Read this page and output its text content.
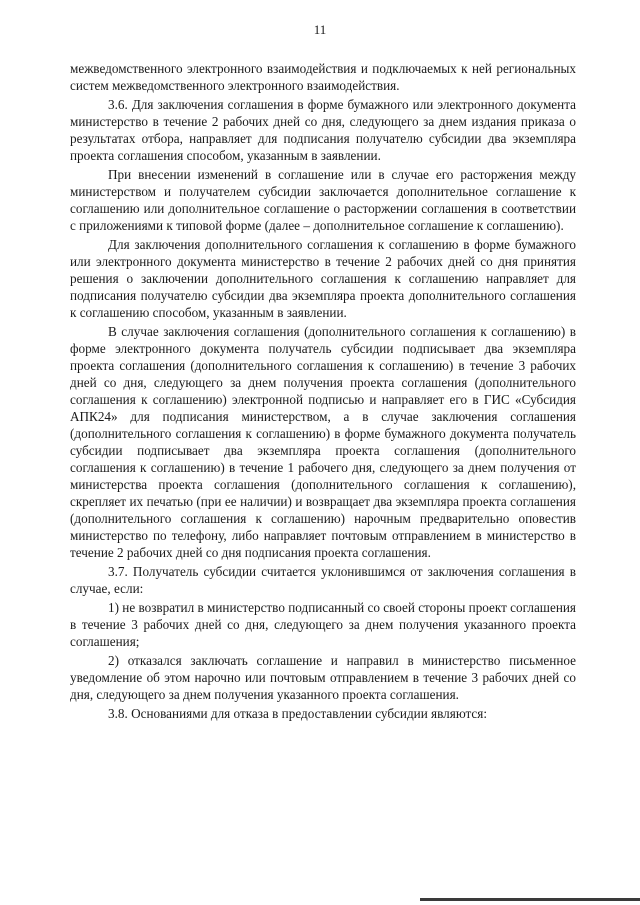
11

межведомственного электронного взаимодействия и подключаемых к ней региональных систем межведомственного электронного взаимодействия.

3.6. Для заключения соглашения в форме бумажного или электронного документа министерство в течение 2 рабочих дней со дня, следующего за днем издания приказа о результатах отбора, направляет для подписания получателю субсидии два экземпляра проекта соглашения способом, указанным в заявлении.

При внесении изменений в соглашение или в случае его расторжения между министерством и получателем субсидии заключается дополнительное соглашение к соглашению или дополнительное соглашение о расторжении соглашения в соответствии с приложениями к типовой форме (далее – дополнительное соглашение к соглашению).

Для заключения дополнительного соглашения к соглашению в форме бумажного или электронного документа министерство в течение 2 рабочих дней со дня принятия решения о заключении дополнительного соглашения к соглашению направляет для подписания получателю субсидии два экземпляра проекта дополнительного соглашения к соглашению способом, указанным в заявлении.

В случае заключения соглашения (дополнительного соглашения к соглашению) в форме электронного документа получатель субсидии подписывает два экземпляра проекта соглашения (дополнительного соглашения к соглашению) в течение 3 рабочих дней со дня, следующего за днем получения проекта соглашения (дополнительного соглашения к соглашению) электронной подписью и направляет его в ГИС «Субсидия АПК24» для подписания министерством, а в случае заключения соглашения (дополнительного соглашения к соглашению) в форме бумажного документа получатель субсидии подписывает два экземпляра проекта соглашения (дополнительного соглашения к соглашению) в течение 1 рабочего дня, следующего за днем получения от министерства проекта соглашения (дополнительного соглашения к соглашению), скрепляет их печатью (при ее наличии) и возвращает два экземпляра проекта соглашения (дополнительного соглашения к соглашению) нарочным предварительно оповестив министерство по телефону, либо направляет почтовым отправлением в министерство в течение 2 рабочих дней со дня подписания проекта соглашения.

3.7. Получатель субсидии считается уклонившимся от заключения соглашения в случае, если:

1) не возвратил в министерство подписанный со своей стороны проект соглашения в течение 3 рабочих дней со дня, следующего за днем получения указанного проекта соглашения;

2) отказался заключать соглашение и направил в министерство письменное уведомление об этом нарочно или почтовым отправлением в течение 3 рабочих дней со дня, следующего за днем получения указанного проекта соглашения.

3.8. Основаниями для отказа в предоставлении субсидии являются:
